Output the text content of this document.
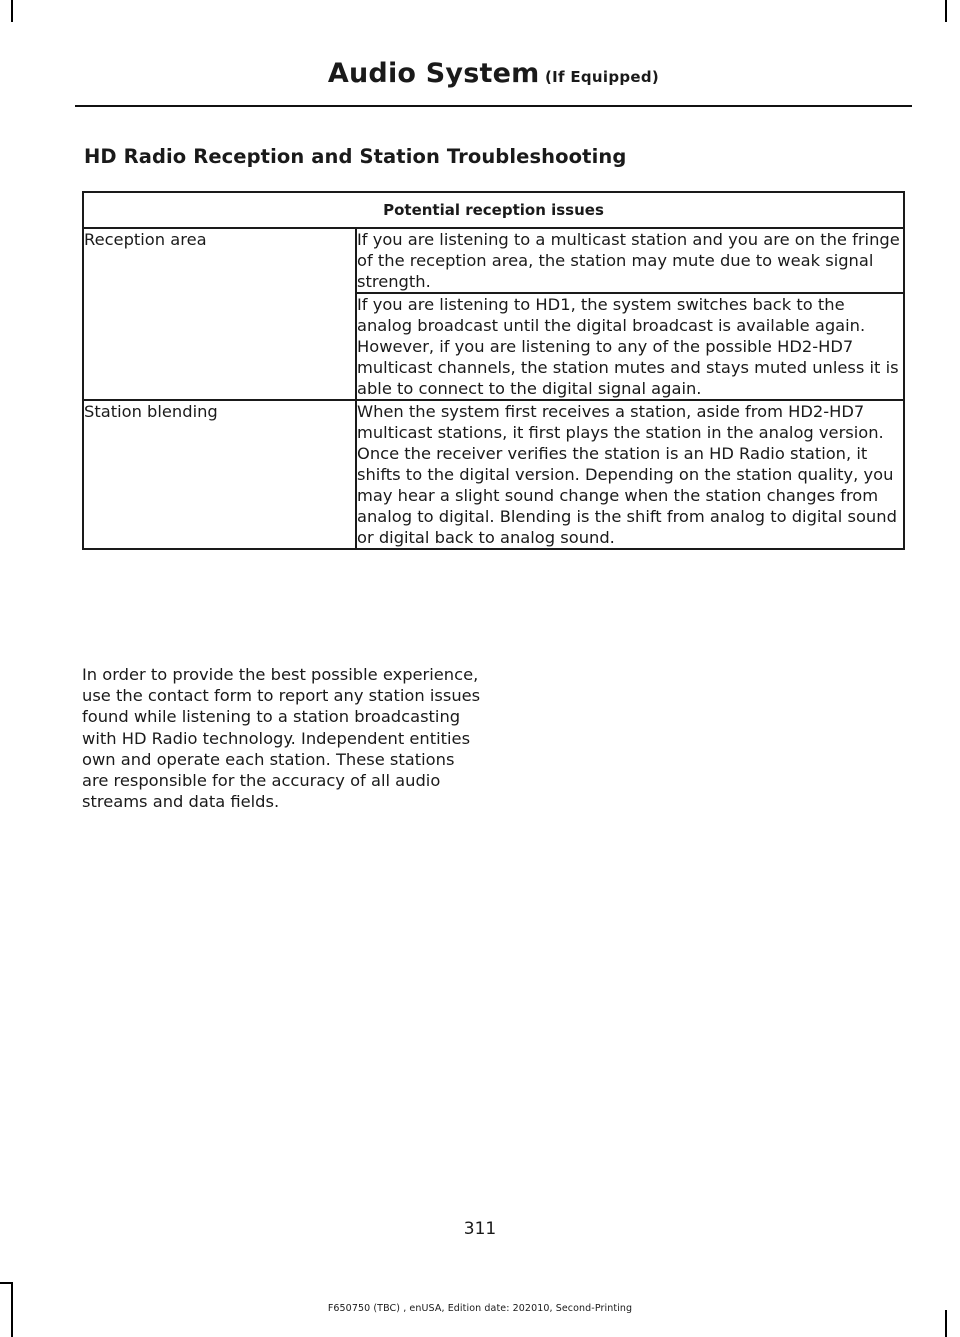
Audio System (If Equipped)
HD Radio Reception and Station Troubleshooting
Potential reception issues	
Reception area	If you are listening to a multicast station and you are on the fringe of the reception area, the station may mute due to weak signal strength.
	If you are listening to HD1, the system switches back to the analog broadcast until the digital broadcast is available again. However, if you are listening to any of the possible HD2-HD7 multicast channels, the station mutes and stays muted unless it is able to connect to the digital signal again.
Station blending	When the system first receives a station, aside from HD2-HD7 multicast stations, it first plays the station in the analog version. Once the receiver verifies the station is an HD Radio station, it shifts to the digital version. Depending on the station quality, you may hear a slight sound change when the station changes from analog to digital. Blending is the shift from analog to digital sound or digital back to analog sound.

In order to provide the best possible experience, use the contact form to report any station issues found while listening to a station broadcasting with HD Radio technology. Independent entities own and operate each station. These stations are responsible for the accuracy of all audio streams and data fields.

311
F650750 (TBC) , enUSA, Edition date: 202010, Second-Printing
